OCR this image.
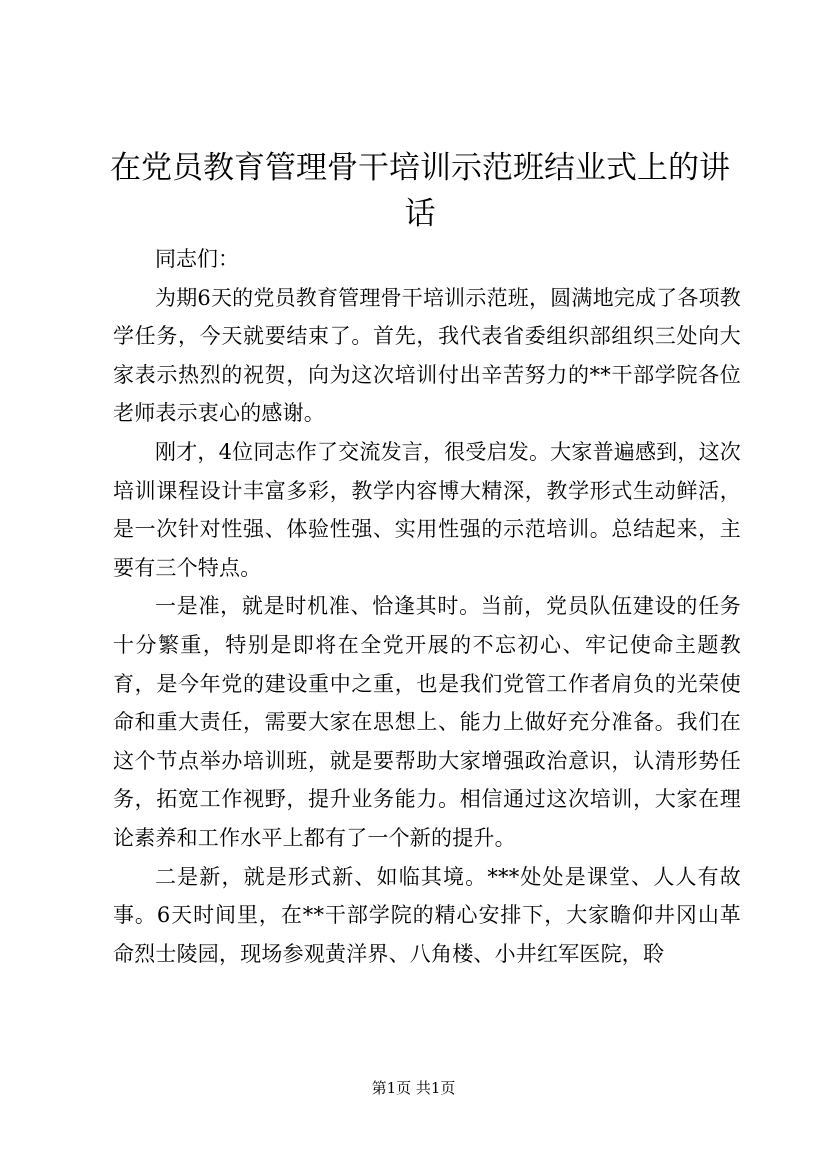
在党员教育管理骨干培训示范班结业式上的讲话

同志们：

为期6天的党员教育管理骨干培训示范班，圆满地完成了各项教学任务，今天就要结束了。首先，我代表省委组织部组织三处向大家表示热烈的祝贺，向为这次培训付出辛苦努力的**干部学院各位老师表示衷心的感谢。

刚才，4位同志作了交流发言，很受启发。大家普遍感到，这次培训课程设计丰富多彩，教学内容博大精深，教学形式生动鲜活，是一次针对性强、体验性强、实用性强的示范培训。总结起来，主要有三个特点。

一是准，就是时机准、恰逢其时。当前，党员队伍建设的任务十分繁重，特别是即将在全党开展的不忘初心、牢记使命主题教育，是今年党的建设重中之重，也是我们党管工作者肩负的光荣使命和重大责任，需要大家在思想上、能力上做好充分准备。我们在这个节点举办培训班，就是要帮助大家增强政治意识，认清形势任务，拓宽工作视野，提升业务能力。相信通过这次培训，大家在理论素养和工作水平上都有了一个新的提升。

二是新，就是形式新、如临其境。***处处是课堂、人人有故事。6天时间里，在**干部学院的精心安排下，大家瞻仰井冈山革命烈士陵园，现场参观黄洋界、八角楼、小井红军医院，聆

第1页 共1页
